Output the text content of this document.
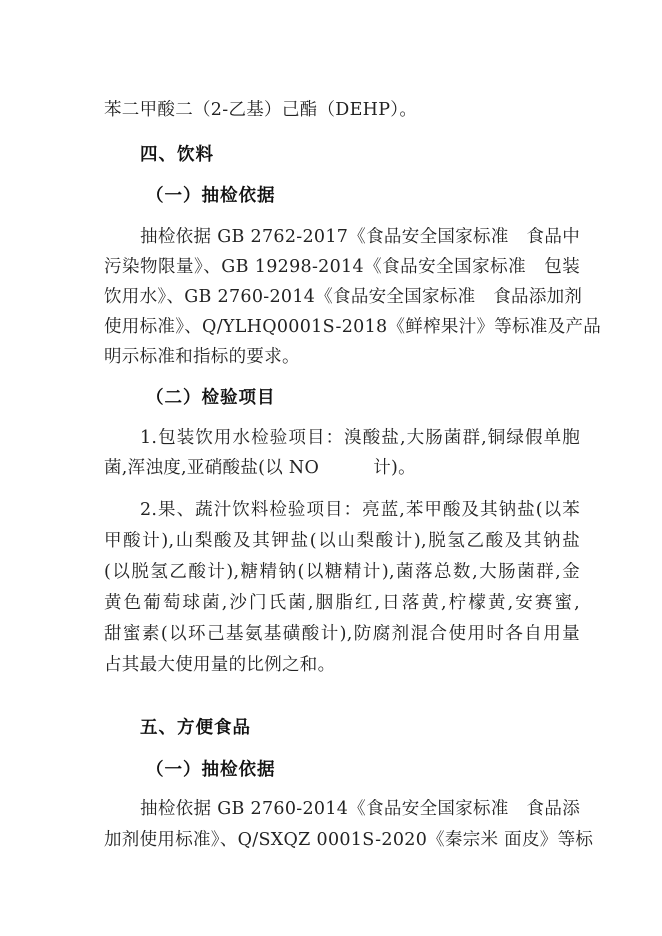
苯二甲酸二（2-乙基）己酯（DEHP）。
四、饮料
（一）抽检依据
抽检依据 GB 2762-2017《食品安全国家标准　食品中
污染物限量》、GB 19298-2014《食品安全国家标准　包装
饮用水》、GB 2760-2014《食品安全国家标准　食品添加剂
使用标准》、Q/YLHQ0001S-2018《鲜榨果汁》等标准及产品
明示标准和指标的要求。
（二）检验项目
1.包装饮用水检验项目：溴酸盐,大肠菌群,铜绿假单胞
菌,浑浊度,亚硝酸盐(以 NO	计)。
2.果、蔬汁饮料检验项目：亮蓝,苯甲酸及其钠盐(以苯
甲酸计),山梨酸及其钾盐(以山梨酸计),脱氢乙酸及其钠盐
(以脱氢乙酸计),糖精钠(以糖精计),菌落总数,大肠菌群,金
黄色葡萄球菌,沙门氏菌,胭脂红,日落黄,柠檬黄,安赛蜜,
甜蜜素(以环己基氨基磺酸计),防腐剂混合使用时各自用量
占其最大使用量的比例之和。
五、方便食品
（一）抽检依据
抽检依据 GB 2760-2014《食品安全国家标准　食品添
加剂使用标准》、Q/SXQZ 0001S-2020《秦宗米 面皮》等标
